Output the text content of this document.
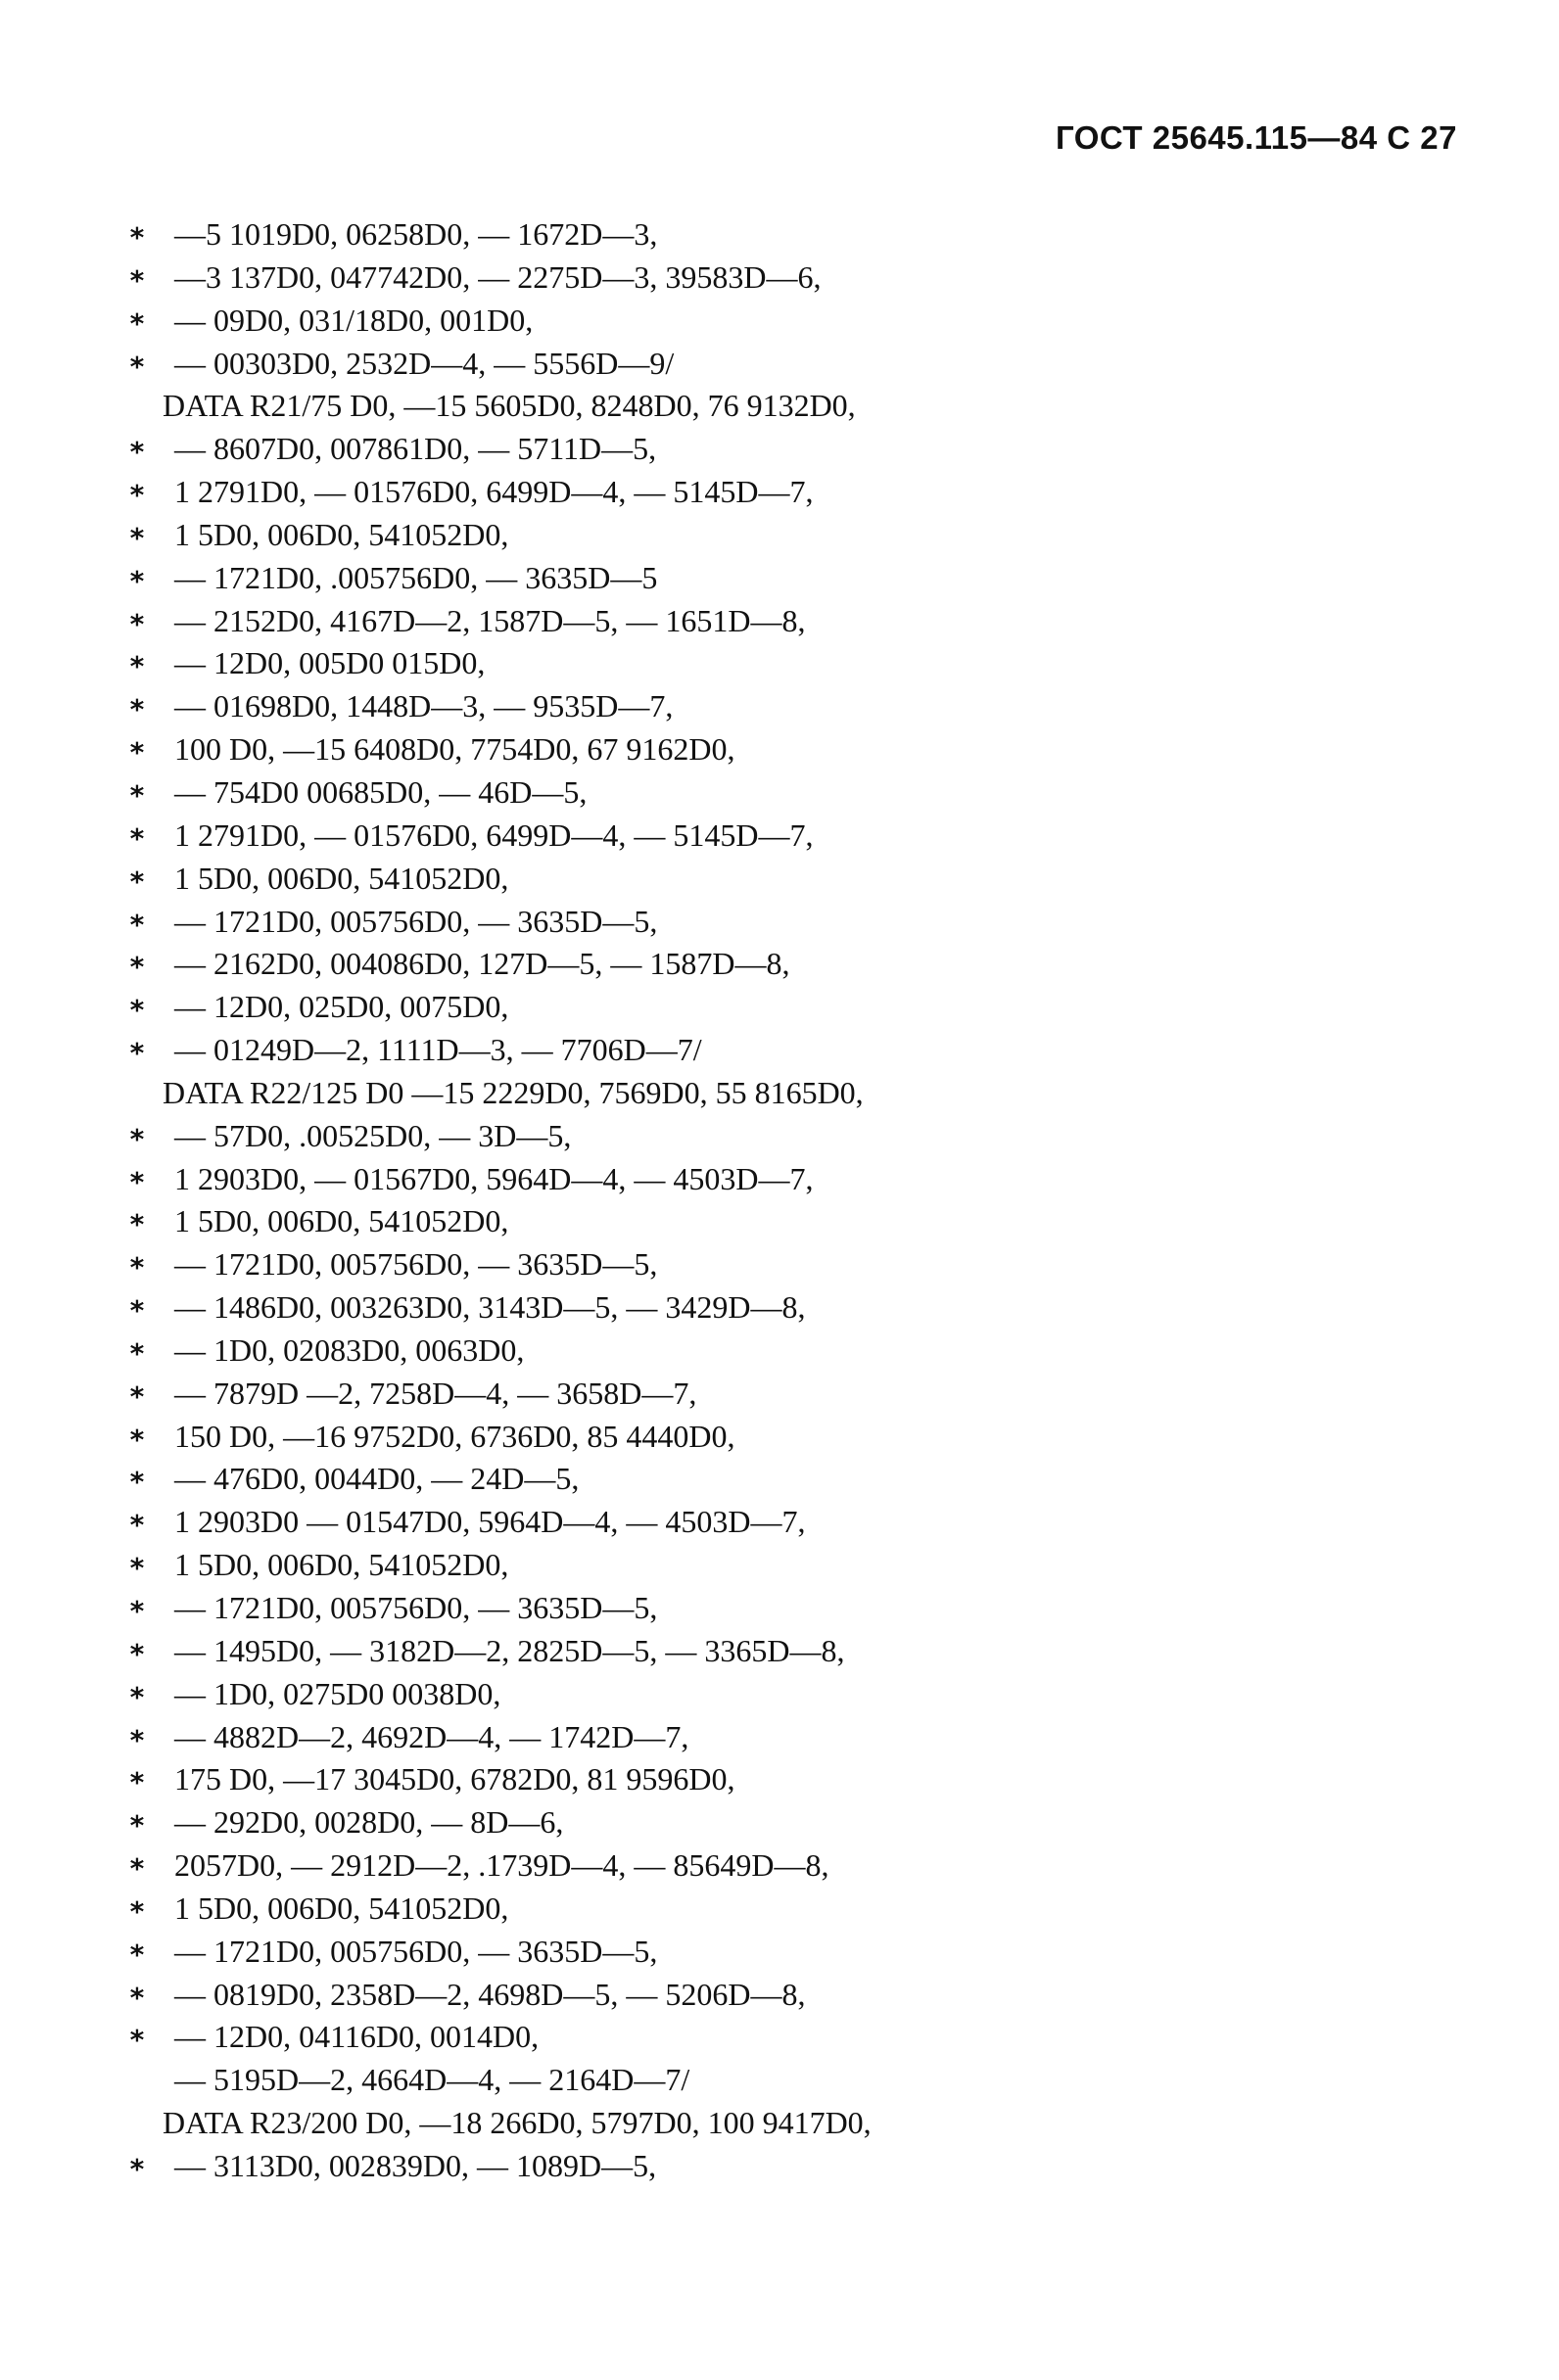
ГОСТ 25645.115—84 С 27
* —5 1019D0, 06258D0, — 1672D—3,
* —3 137D0, 047742D0, — 2275D—3, 39583D—6,
* — 09D0, 031/18D0, 001D0,
* — 00303D0, 2532D—4, — 5556D—9/
DATA R21/75 D0, —15 5605D0, 8248D0, 76 9132D0,
* — 8607D0, 007861D0, — 5711D—5,
* 1 2791D0, — 01576D0, 6499D—4, — 5145D—7,
* 1 5D0, 006D0, 541052D0,
* — 1721D0, .005756D0, — 3635D—5
* — 2152D0, 4167D—2, 1587D—5, — 1651D—8,
* — 12D0, 005D0 015D0,
* — 01698D0, 1448D—3, — 9535D—7,
* 100 D0, —15 6408D0, 7754D0, 67 9162D0,
* — 754D0 00685D0, — 46D—5,
* 1 2791D0, — 01576D0, 6499D—4, — 5145D—7,
* 1 5D0, 006D0, 541052D0,
* — 1721D0, 005756D0, — 3635D—5,
* — 2162D0, 004086D0, 127D—5, — 1587D—8,
* — 12D0, 025D0, 0075D0,
* — 01249D—2, 1111D—3, — 7706D—7/
DATA R22/125 D0 —15 2229D0, 7569D0, 55 8165D0,
* — 57D0, .00525D0, — 3D—5,
* 1 2903D0, — 01567D0, 5964D—4, — 4503D—7,
* 1 5D0, 006D0, 541052D0,
* — 1721D0, 005756D0, — 3635D—5,
* — 1486D0, 003263D0, 3143D—5, — 3429D—8,
* — 1D0, 02083D0, 0063D0,
* — 7879D —2, 7258D—4, — 3658D—7,
* 150 D0, —16 9752D0, 6736D0, 85 4440D0,
* — 476D0, 0044D0, — 24D—5,
* 1 2903D0 — 01547D0, 5964D—4, — 4503D—7,
* 1 5D0, 006D0, 541052D0,
* — 1721D0, 005756D0, — 3635D—5,
* — 1495D0, — 3182D—2, 2825D—5, — 3365D—8,
* — 1D0, 0275D0 0038D0,
* — 4882D—2, 4692D—4, — 1742D—7,
* 175 D0, —17 3045D0, 6782D0, 81 9596D0,
* — 292D0, 0028D0, — 8D—6,
* 2057D0, — 2912D—2, .1739D—4, — 85649D—8,
* 1 5D0, 006D0, 541052D0,
* — 1721D0, 005756D0, — 3635D—5,
* — 0819D0, 2358D—2, 4698D—5, — 5206D—8,
* — 12D0, 04116D0, 0014D0,
— 5195D—2, 4664D—4, — 2164D—7/
DATA R23/200 D0, —18 266D0, 5797D0, 100 9417D0,
* — 3113D0, 002839D0, — 1089D—5,
